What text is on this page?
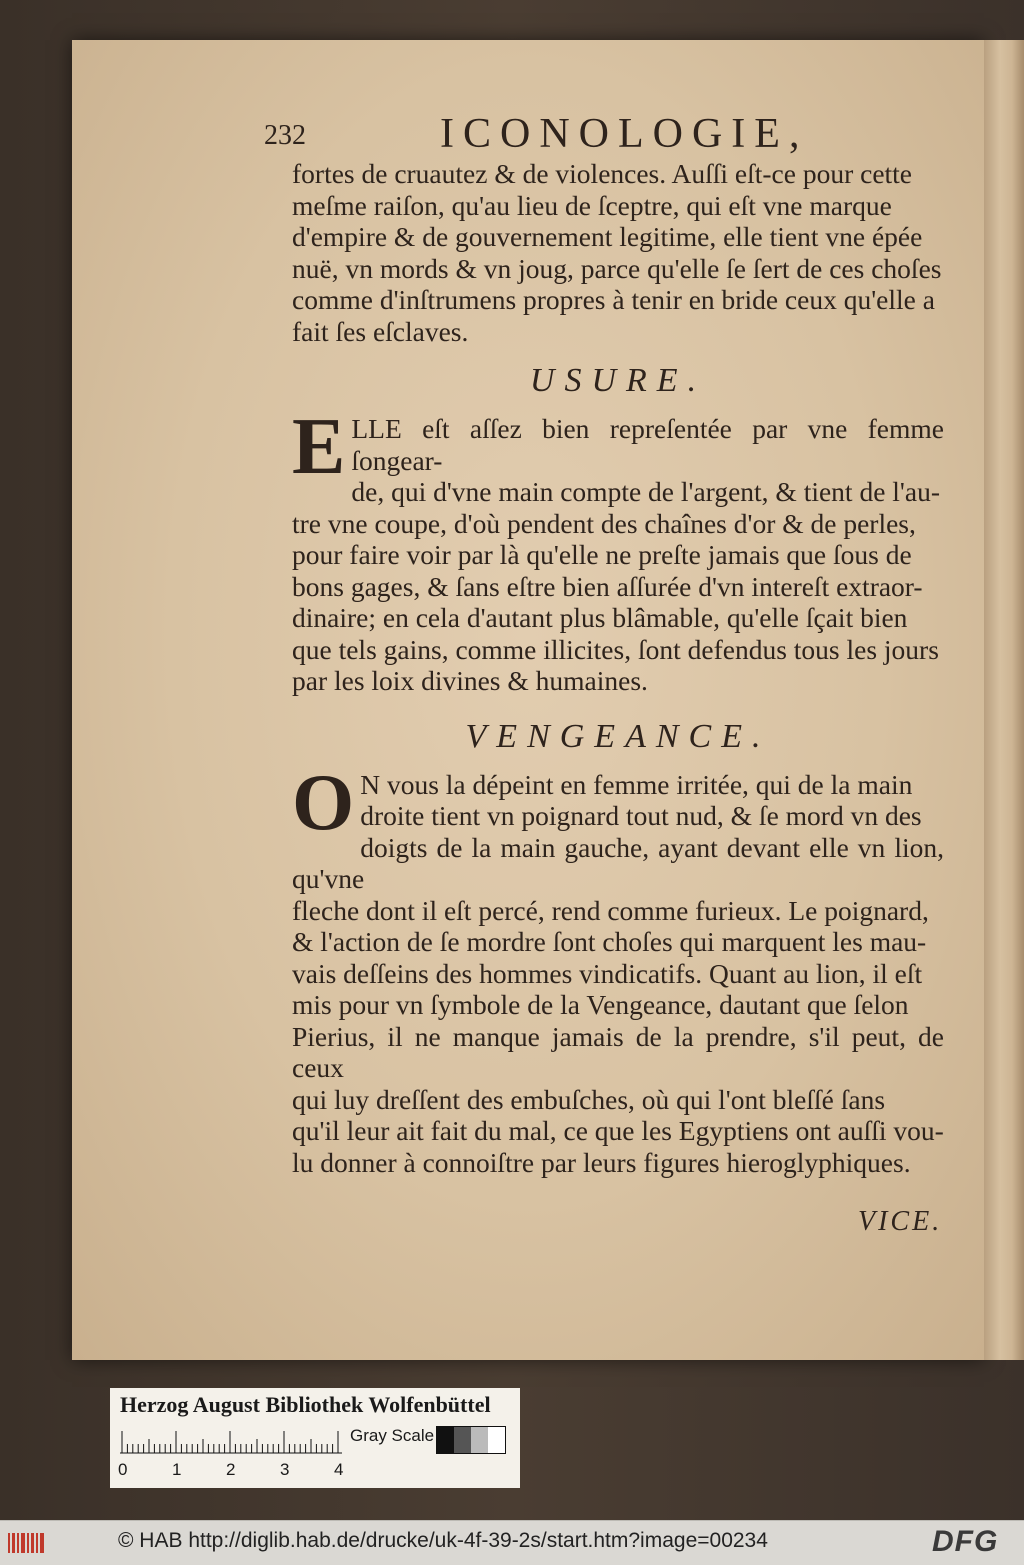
232	ICONOLOGIE,
fortes de cruautez & de violences. Auſſi eſt-ce pour cette
meſme raiſon, qu'au lieu de ſceptre, qui eſt vne marque
d'empire & de gouvernement legitime, elle tient vne épée
nuë, vn mords & vn joug, parce qu'elle ſe ſert de ces choſes
comme d'inſtrumens propres à tenir en bride ceux qu'elle a
fait ſes eſclaves.
USURE.
E LLE eſt aſſez bien repreſentée par vne femme ſongear-
de, qui d'vne main compte de l'argent, & tient de l'au-
tre vne coupe, d'où pendent des chaînes d'or & de perles,
pour faire voir par là qu'elle ne preſte jamais que ſous de
bons gages, & ſans eſtre bien aſſurée d'vn intereſt extraor-
dinaire; en cela d'autant plus blâmable, qu'elle ſçait bien
que tels gains, comme illicites, ſont defendus tous les jours
par les loix divines & humaines.
VENGEANCE.
O N vous la dépeint en femme irritée, qui de la main
droite tient vn poignard tout nud, & ſe mord vn des
doigts de la main gauche, ayant devant elle vn lion, qu'vne
fleche dont il eſt percé, rend comme furieux. Le poignard,
& l'action de ſe mordre ſont choſes qui marquent les mau-
vais deſſeins des hommes vindicatifs. Quant au lion, il eſt
mis pour vn ſymbole de la Vengeance, dautant que ſelon
Pierius, il ne manque jamais de la prendre, s'il peut, de ceux
qui luy dreſſent des embuſches, où qui l'ont bleſſé ſans
qu'il leur ait fait du mal, ce que les Egyptiens ont auſſi vou-
lu donner à connoiſtre par leurs figures hieroglyphiques.
VICE.
Herzog August Bibliothek Wolfenbüttel
0	1	2	3	4
Gray Scale
© HAB http://diglib.hab.de/drucke/uk-4f-39-2s/start.htm?image=00234	DFG
